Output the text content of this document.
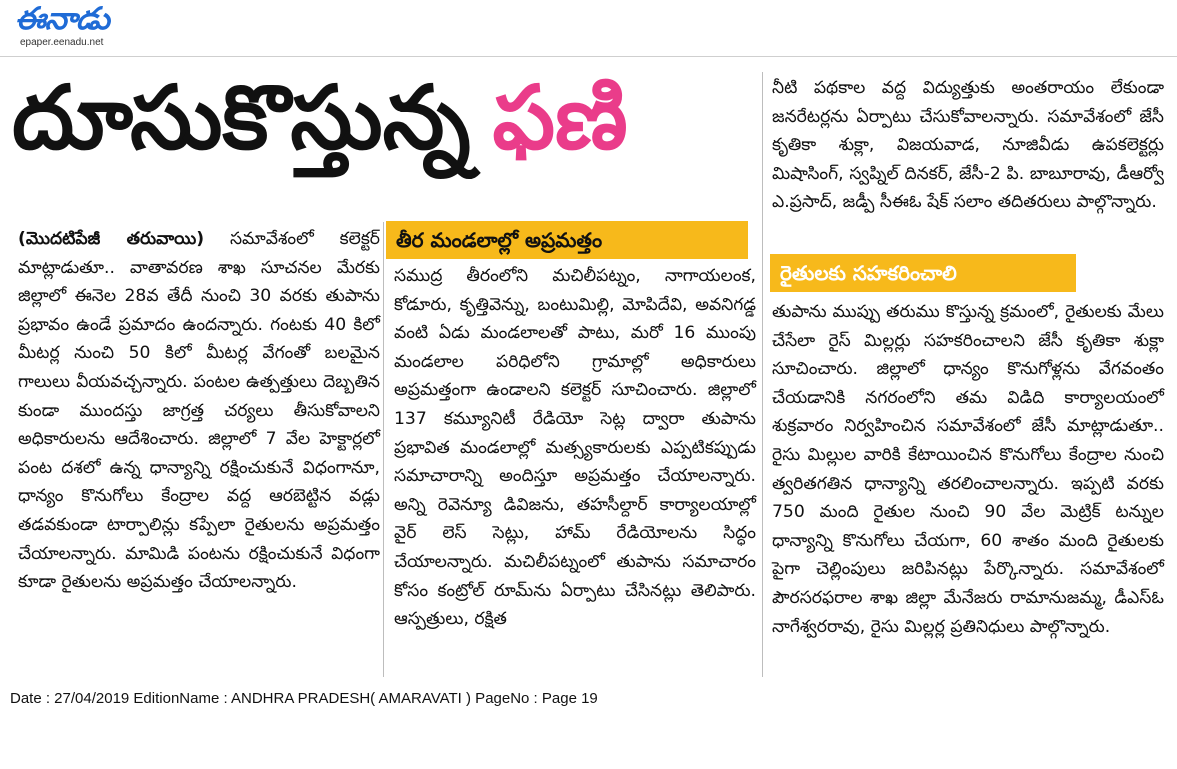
ఈనాడు
epaper.eenadu.net
దూసుకొస్తున్న ఫణి

(మొదటిపేజీ తరువాయి) సమావేశంలో కలెక్టర్ మాట్లాడుతూ.. వాతావరణ శాఖ సూచనల మేరకు జిల్లాలో ఈనెల 28వ తేదీ నుంచి 30 వరకు తుపాను ప్రభావం ఉండే ప్రమాదం ఉందన్నారు. గంటకు 40 కిలో మీటర్ల నుంచి 50 కిలో మీటర్ల వేగంతో బలమైన గాలులు వీయవచ్చన్నారు. పంటల ఉత్పత్తులు దెబ్బతిన కుండా ముందస్తు జాగ్రత్త చర్యలు తీసుకోవాలని అధికారులను ఆదేశించారు. జిల్లాలో 7 వేల హెక్టార్లలో పంట దశలో ఉన్న ధాన్యాన్ని రక్షించుకునే విధంగానూ, ధాన్యం కొనుగోలు కేంద్రాల వద్ద ఆరబెట్టిన వడ్లు తడవకుండా టార్పాలిన్లు కప్పేలా రైతులను అప్రమత్తం చేయాలన్నారు. మామిడి పంటను రక్షించుకునే విధంగా కూడా రైతులను అప్రమత్తం చేయాలన్నారు.

తీర మండలాల్లో అప్రమత్తం

సముద్ర తీరంలోని మచిలీపట్నం, నాగాయలంక, కోడూరు, కృత్తివెన్ను, బంటుమిల్లి, మోపిదేవి, అవనిగడ్డ వంటి ఏడు మండలాలతో పాటు, మరో 16 ముంపు మండలాల పరిధిలోని గ్రామాల్లో అధికారులు అప్రమత్తంగా ఉండాలని కలెక్టర్ సూచించారు. జిల్లాలో 137 కమ్యూనిటీ రేడియో సెట్ల ద్వారా తుపాను ప్రభావిత మండలాల్లో మత్స్యకారులకు ఎప్పటికప్పుడు సమాచారాన్ని అందిస్తూ అప్రమత్తం చేయాలన్నారు. అన్ని రెవెన్యూ డివిజను, తహసీల్దార్ కార్యాలయాల్లో వైర్ లెస్ సెట్లు, హామ్ రేడియోలను సిద్ధం చేయాలన్నారు. మచిలీపట్నంలో తుపాను సమాచారం కోసం కంట్రోల్ రూమ్‌ను ఏర్పాటు చేసినట్లు తెలిపారు. ఆస్పత్రులు, రక్షిత

నీటి పథకాల వద్ద విద్యుత్తుకు అంతరాయం లేకుండా జనరేటర్లను ఏర్పాటు చేసుకోవాలన్నారు. సమావేశంలో జేసీ కృతికా శుక్లా, విజయవాడ, నూజివీడు ఉపకలెక్టర్లు మిషాసింగ్, స్వప్నిల్ దినకర్, జేసీ-2 పి. బాబూరావు, డీఆర్వో ఎ.ప్రసాద్, జడ్పీ సీఈఓ షేక్ సలాం తదితరులు పాల్గొన్నారు.

రైతులకు సహకరించాలి

తుపాను ముప్పు తరుము కొస్తున్న క్రమంలో, రైతులకు మేలు చేసేలా రైస్ మిల్లర్లు సహకరించాలని జేసీ కృతికా శుక్లా సూచించారు. జిల్లాలో ధాన్యం కొనుగోళ్లను వేగవంతం చేయడానికి నగరంలోని తమ విడిది కార్యాలయంలో శుక్రవారం నిర్వహించిన సమావేశంలో జేసీ మాట్లాడుతూ.. రైసు మిల్లుల వారికి కేటాయించిన కొనుగోలు కేంద్రాల నుంచి త్వరితగతిన ధాన్యాన్ని తరలించాలన్నారు. ఇప్పటి వరకు 750 మంది రైతుల నుంచి 90 వేల మెట్రిక్ టన్నుల ధాన్యాన్ని కొనుగోలు చేయగా, 60 శాతం మంది రైతులకు పైగా చెల్లింపులు జరిపినట్లు పేర్కొన్నారు. సమావేశంలో పౌరసరఫరాల శాఖ జిల్లా మేనేజరు రామానుజమ్మ, డీఎస్ఓ నాగేశ్వరరావు, రైసు మిల్లర్ల ప్రతినిధులు పాల్గొన్నారు.

Date : 27/04/2019 EditionName : ANDHRA PRADESH( AMARAVATI ) PageNo : Page 19
